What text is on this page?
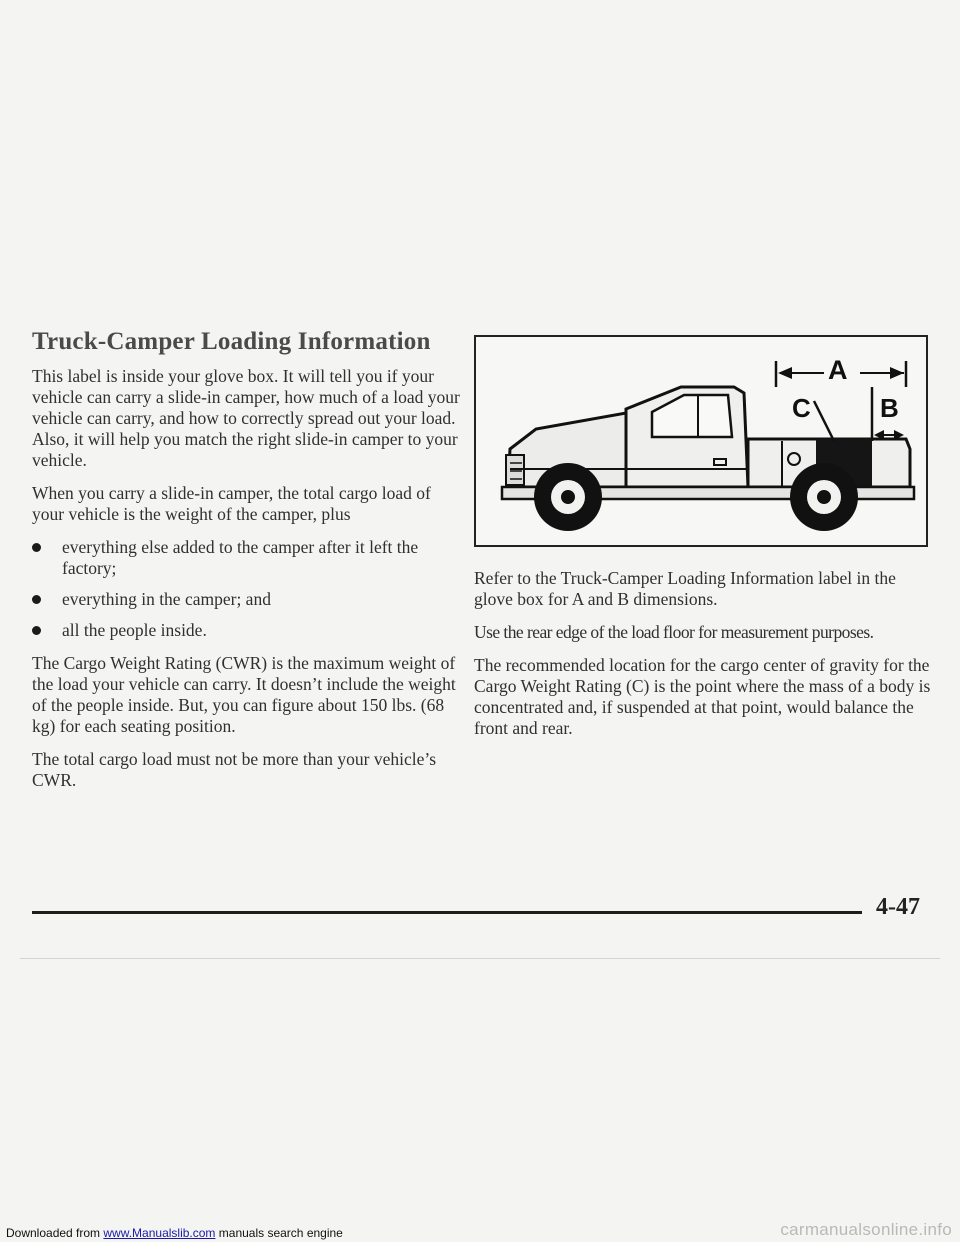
Truck-Camper Loading Information

This label is inside your glove box. It will tell you if your vehicle can carry a slide-in camper, how much of a load your vehicle can carry, and how to correctly spread out your load. Also, it will help you match the right slide-in camper to your vehicle.

When you carry a slide-in camper, the total cargo load of your vehicle is the weight of the camper, plus

everything else added to the camper after it left the factory;
everything in the camper; and
all the people inside.

The Cargo Weight Rating (CWR) is the maximum weight of the load your vehicle can carry. It doesn’t include the weight of the people inside. But, you can figure about 150 lbs. (68 kg) for each seating position.

The total cargo load must not be more than your vehicle’s CWR.

A
C	B

Refer to the Truck-Camper Loading Information label in the glove box for A and B dimensions.

Use the rear edge of the load floor for measurement purposes.

The recommended location for the cargo center of gravity for the Cargo Weight Rating (C) is the point where the mass of a body is concentrated and, if suspended at that point, would balance the front and rear.

4-47
Downloaded from www.Manualslib.com manuals search engine	carmanualsonline.info
